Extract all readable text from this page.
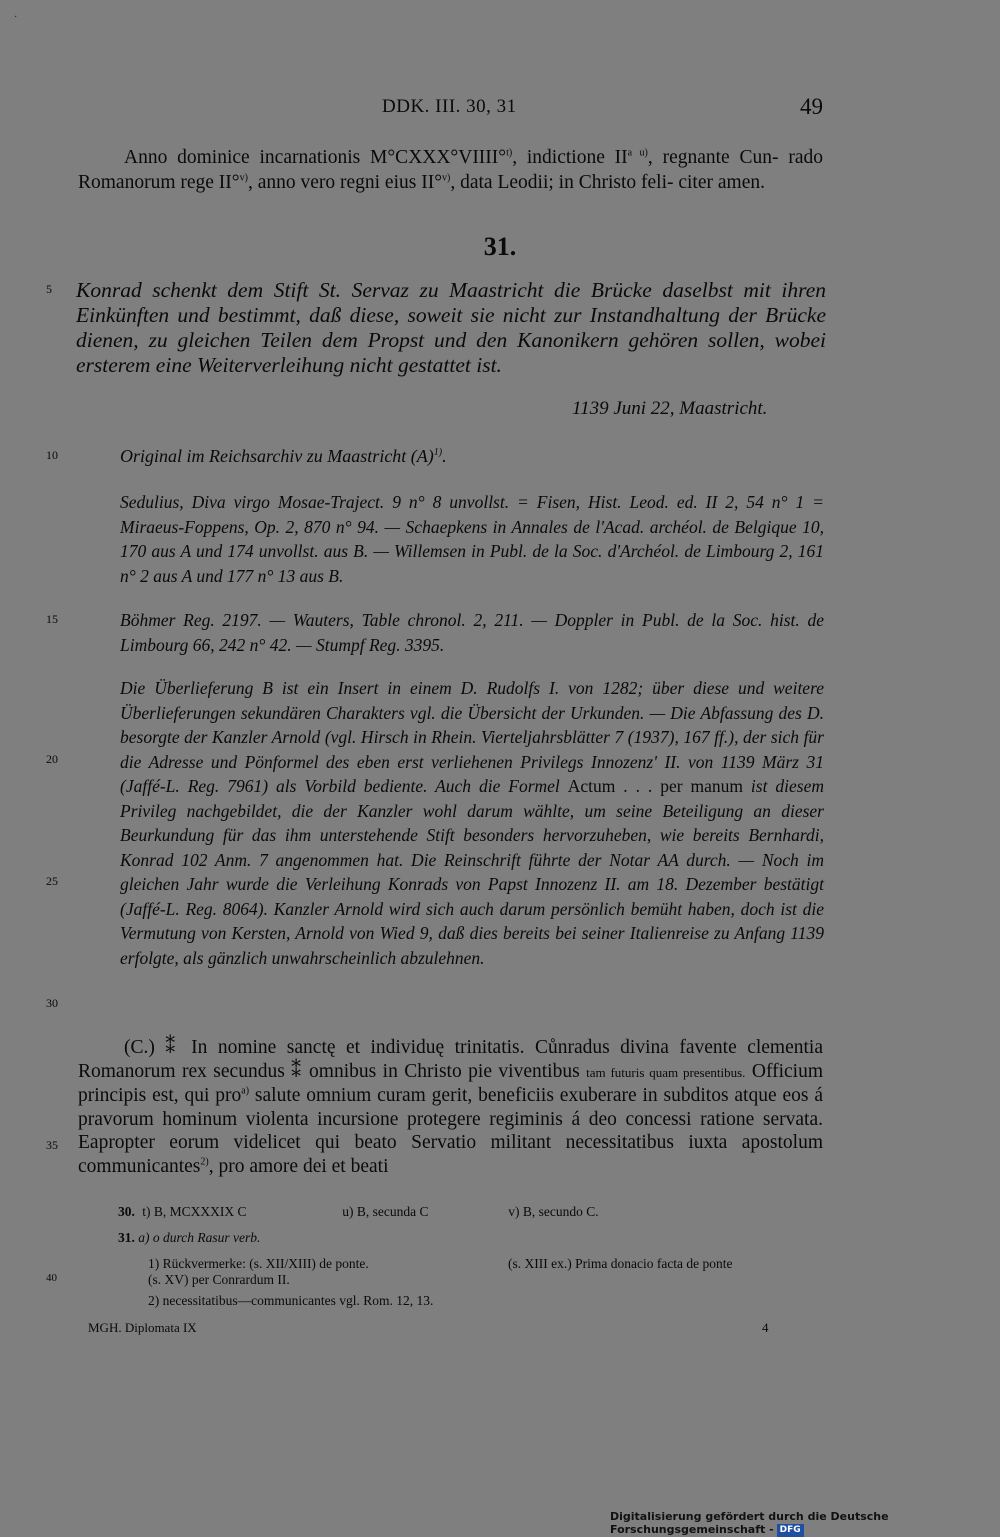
·
DDK. III. 30, 31	49
Anno dominice incarnationis M°CXXX°VIIII°$^{t)}$, indictione $II^{a u)}$, regnante Cun- rado Romanorum rege II°$^{v)}$, anno vero regni eius II°$^{v)}$, data Leodii; in Christo feli- citer amen.
31.
5 Konrad schenkt dem Stift St. Servaz zu Maastricht die Brücke daselbst mit ihren Einkünften und bestimmt, daß diese, soweit sie nicht zur Instandhaltung der Brücke dienen, zu gleichen Teilen dem Propst und den Kanonikern gehören sollen, wobei ersterem eine Weiterverleihung nicht gestattet ist.
1139 Juni 22, Maastricht.
10	Original im Reichsarchiv zu Maastricht $(A)^{1)}$.
Sedulius, Diva virgo Mosae-Traject. 9 n° 8 unvollst. = Fisen, Hist. Leod. ed. II 2, 54 n° 1 = Miraeus-Foppens, Op. 2, 870 n° 94. — Schaepkens in Annales de l'Acad. archéol. de Belgique 10, 170 aus A und 174 unvollst. aus B. — Willemsen in Publ. de la Soc. d'Archéol. de Limbourg 2, 161 n° 2 aus A und 177 n° 13 aus B.
15	Böhmer Reg. 2197. — Wauters, Table chronol. 2, 211. — Doppler in Publ. de la Soc. hist. de Limbourg 66, 242 n° 42. — Stumpf Reg. 3395.
20
25
30
Die Überlieferung B ist ein Insert in einem D. Rudolfs I. von 1282; über diese und weitere Überlieferungen sekundären Charakters vgl. die Übersicht der Urkunden. — Die Abfassung des D. besorgte der Kanzler Arnold (vgl. Hirsch in Rhein. Vierteljahrsblätter 7 (1937), 167 ff.), der sich für die Adresse und Pönformel des eben erst verliehenen Privilegs Innozenz' II. von 1139 März 31 (Jaffé-L. Reg. 7961) als Vorbild bediente. Auch die Formel Actum . . . per manum ist diesem Privileg nachgebildet, die der Kanzler wohl darum wählte, um seine Beteiligung an dieser Beurkundung für das ihm unterstehende Stift besonders hervorzuheben, wie bereits Bernhardi, Konrad 102 Anm. 7 angenommen hat. Die Reinschrift führte der Notar AA durch. — Noch im gleichen Jahr wurde die Verleihung Konrads von Papst Innozenz II. am 18. Dezember bestätigt (Jaffé-L. Reg. 8064). Kanzler Arnold wird sich auch darum persönlich bemüht haben, doch ist die Vermutung von Kersten, Arnold von Wied 9, daß dies bereits bei seiner Italienreise zu Anfang 1139 erfolgte, als gänzlich unwahrscheinlich abzulehnen.
35
(C.) ⁑ In nomine sanctę et individuę trinitatis. Cůnradus divina favente clementia Romanorum rex secundus ⁑ omnibus in Christo pie viventibus tam futuris quam presentibus. Officium principis est, qui pro$^{a)}$ salute omnium curam gerit, beneficiis exuberare in subditos atque eos á pravorum hominum violenta incursione protegere regiminis á deo concessi ratione servata. Eapropter eorum videlicet qui beato Servatio militant necessitatibus iuxta apostolum communicantes$^{2)}$, pro amore dei et beati
30. t) B, MCXXXIX C	u) B, secunda C	v) B, secundo C.
31. a) o durch Rasur verb.
1) Rückvermerke: (s. XII/XIII) de ponte.	(s. XIII ex.) Prima donacio facta de ponte
40	(s. XV) per Conrardum II.
2) necessitatibus—communicantes vgl. Rom. 12, 13.
MGH. Diplomata IX	4
Digitalisierung gefördert durch die Deutsche Forschungsgemeinschaft - DFG
